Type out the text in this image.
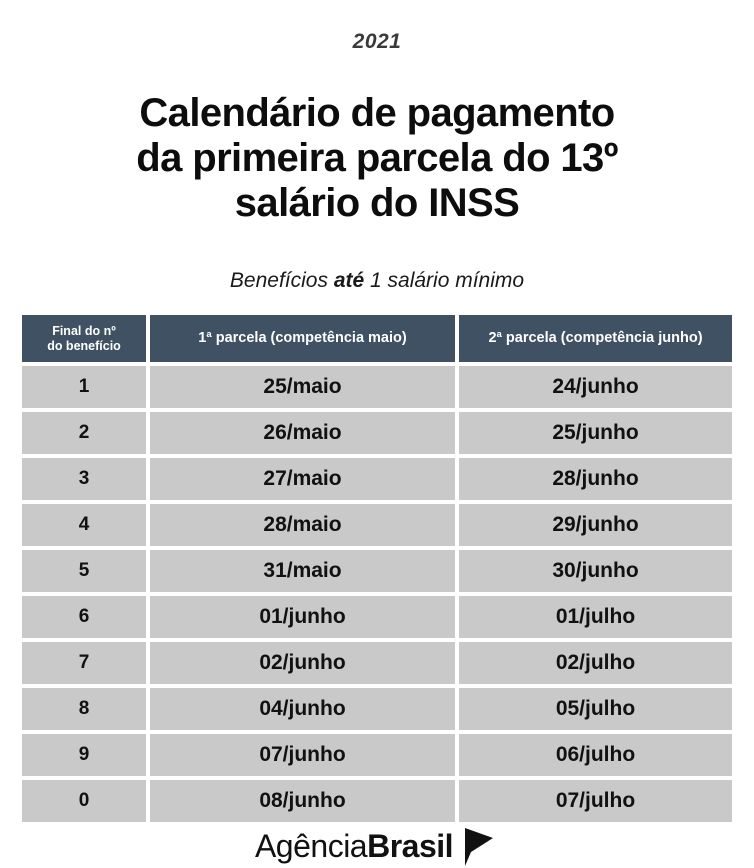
2021
Calendário de pagamento
da primeira parcela do 13º
salário do INSS
Benefícios até 1 salário mínimo
Final do nº
do benefício	1ª parcela (competência maio)	2ª parcela (competência junho)
1	25/maio	24/junho
2	26/maio	25/junho
3	27/maio	28/junho
4	28/maio	29/junho
5	31/maio	30/junho
6	01/junho	01/julho
7	02/junho	02/julho
8	04/junho	05/julho
9	07/junho	06/julho
0	08/junho	07/julho
AgênciaBrasil
